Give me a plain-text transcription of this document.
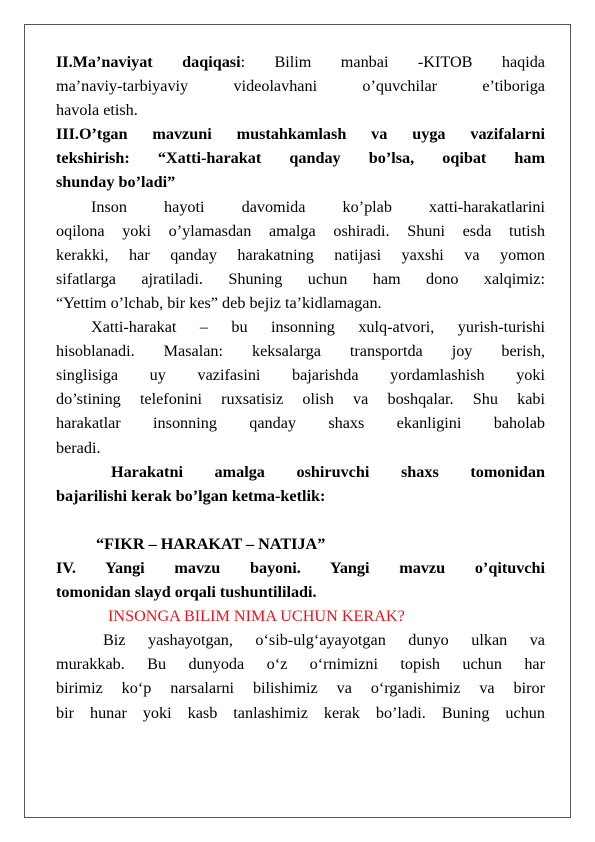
II.Ma’naviyat daqiqasi: Bilim manbai -KITOB haqida

ma’naviy-tarbiyaviy videolavhani o’quvchilar e’tiboriga

havola etish.

III.O’tgan mavzuni mustahkamlash va uyga vazifalarni

tekshirish: “Xatti-harakat qanday bo’lsa, oqibat ham

shunday bo’ladi”

Inson hayoti davomida ko’plab xatti-harakatlarini

oqilona yoki o’ylamasdan amalga oshiradi. Shuni esda tutish

kerakki, har qanday harakatning natijasi yaxshi va yomon

sifatlarga ajratiladi. Shuning uchun ham dono xalqimiz:

“Yettim o’lchab, bir kes” deb bejiz ta’kidlamagan.

Xatti-harakat – bu insonning xulq-atvori, yurish-turishi

hisoblanadi. Masalan: keksalarga transportda joy berish,

singlisiga uy vazifasini bajarishda yordamlashish yoki

do’stining telefonini ruxsatisiz olish va boshqalar. Shu kabi

harakatlar insonning qanday shaxs ekanligini baholab

beradi.

Harakatni amalga oshiruvchi shaxs tomonidan

bajarilishi kerak bo’lgan ketma-ketlik:

“FIKR – HARAKAT – NATIJA”

IV. Yangi mavzu bayoni. Yangi mavzu o’qituvchi

tomonidan slayd orqali tushuntililadi.

INSONGA BILIM NIMA UCHUN KERAK?

Biz yashayotgan, o‘sib-ulg‘ayayotgan dunyo ulkan va

murakkab. Bu dunyoda o‘z o‘rnimizni topish uchun har

birimiz ko‘p narsalarni bilishimiz va o‘rganishimiz va biror

bir hunar yoki kasb tanlashimiz kerak bo’ladi. Buning uchun
